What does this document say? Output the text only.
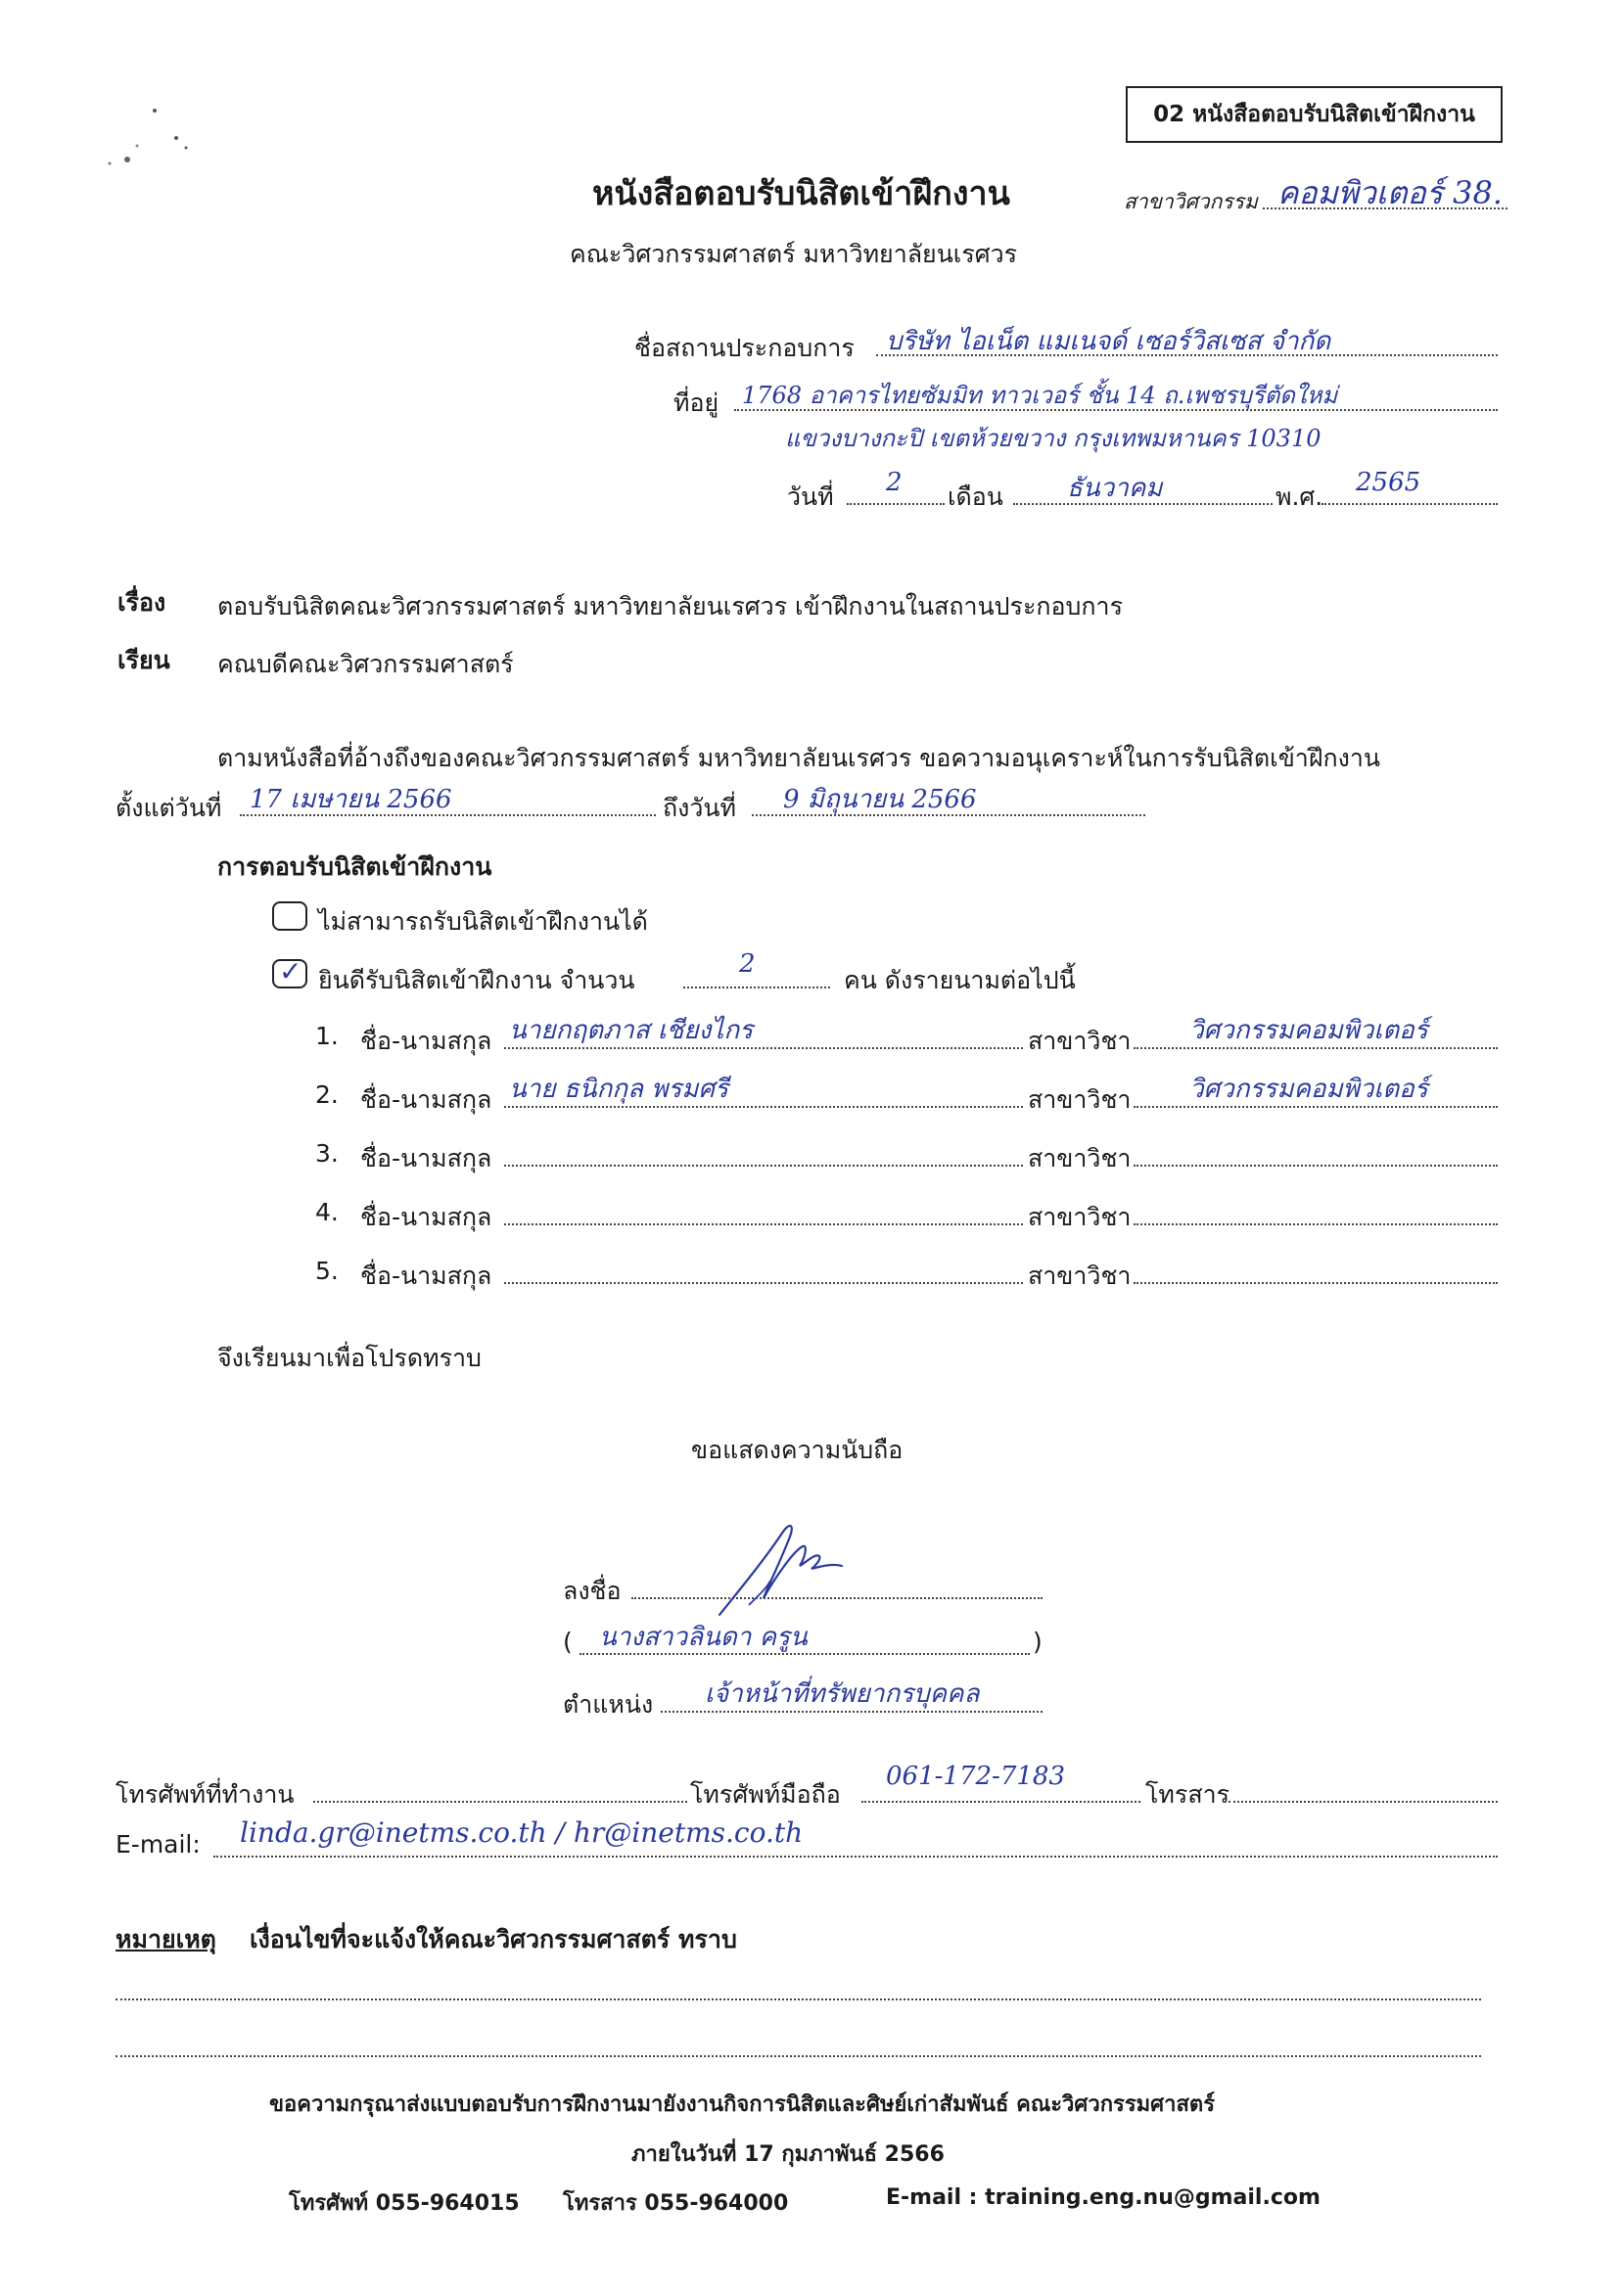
02 หนังสือตอบรับนิสิตเข้าฝึกงาน
หนังสือตอบรับนิสิตเข้าฝึกงาน	สาขาวิศวกรรม คอมพิวเตอร์ 38.
คณะวิศวกรรมศาสตร์ มหาวิทยาลัยนเรศวร
ชื่อสถานประกอบการ บริษัท ไอเน็ต แมเนจด์ เซอร์วิสเซส จำกัด
ที่อยู่ 1768 อาคารไทยซัมมิท ทาวเวอร์ ชั้น 14 ถ.เพชรบุรีตัดใหม่
แขวงบางกะปิ เขตห้วยขวาง กรุงเทพมหานคร 10310
วันที่ 2 เดือน	ธันวาคม	พ.ศ. 2565
เรื่อง ตอบรับนิสิตคณะวิศวกรรมศาสตร์ มหาวิทยาลัยนเรศวร เข้าฝึกงานในสถานประกอบการ
เรียน คณบดีคณะวิศวกรรมศาสตร์
ตามหนังสือที่อ้างถึงของคณะวิศวกรรมศาสตร์ มหาวิทยาลัยนเรศวร ขอความอนุเคราะห์ในการรับนิสิตเข้าฝึกงาน
ตั้งแต่วันที่ 17 เมษายน 2566	ถึงวันที่ 9 มิถุนายน 2566
การตอบรับนิสิตเข้าฝึกงาน
ไม่สามารถรับนิสิตเข้าฝึกงานได้
✓ ยินดีรับนิสิตเข้าฝึกงาน จำนวน
2
คน ดังรายนามต่อไปนี้
1. ชื่อ-นามสกุล นายกฤตภาส เชียงไกร	สาขาวิชา วิศวกรรมคอมพิวเตอร์
2. ชื่อ-นามสกุล นาย ธนิกกุล พรมศรี	สาขาวิชา วิศวกรรมคอมพิวเตอร์
3. ชื่อ-นามสกุล	สาขาวิชา
4. ชื่อ-นามสกุล	สาขาวิชา
5. ชื่อ-นามสกุล	สาขาวิชา
จึงเรียนมาเพื่อโปรดทราบ
ขอแสดงความนับถือ
ลงชื่อ
( นางสาวลินดา ครูน	)
ตำแหน่ง เจ้าหน้าที่ทรัพยากรบุคคล
โทรศัพท์ที่ทำงาน	โทรศัพท์มือถือ
061-172-7183
โทรสาร
E-mail: linda.gr@inetms.co.th / hr@inetms.co.th
หมายเหตุ เงื่อนไขที่จะแจ้งให้คณะวิศวกรรมศาสตร์ ทราบ
ขอความกรุณาส่งแบบตอบรับการฝึกงานมายังงานกิจการนิสิตและศิษย์เก่าสัมพันธ์ คณะวิศวกรรมศาสตร์
ภายในวันที่ 17 กุมภาพันธ์ 2566
โทรศัพท์ 055-964015 โทรสาร 055-964000	E-mail : training.eng.nu@gmail.com
